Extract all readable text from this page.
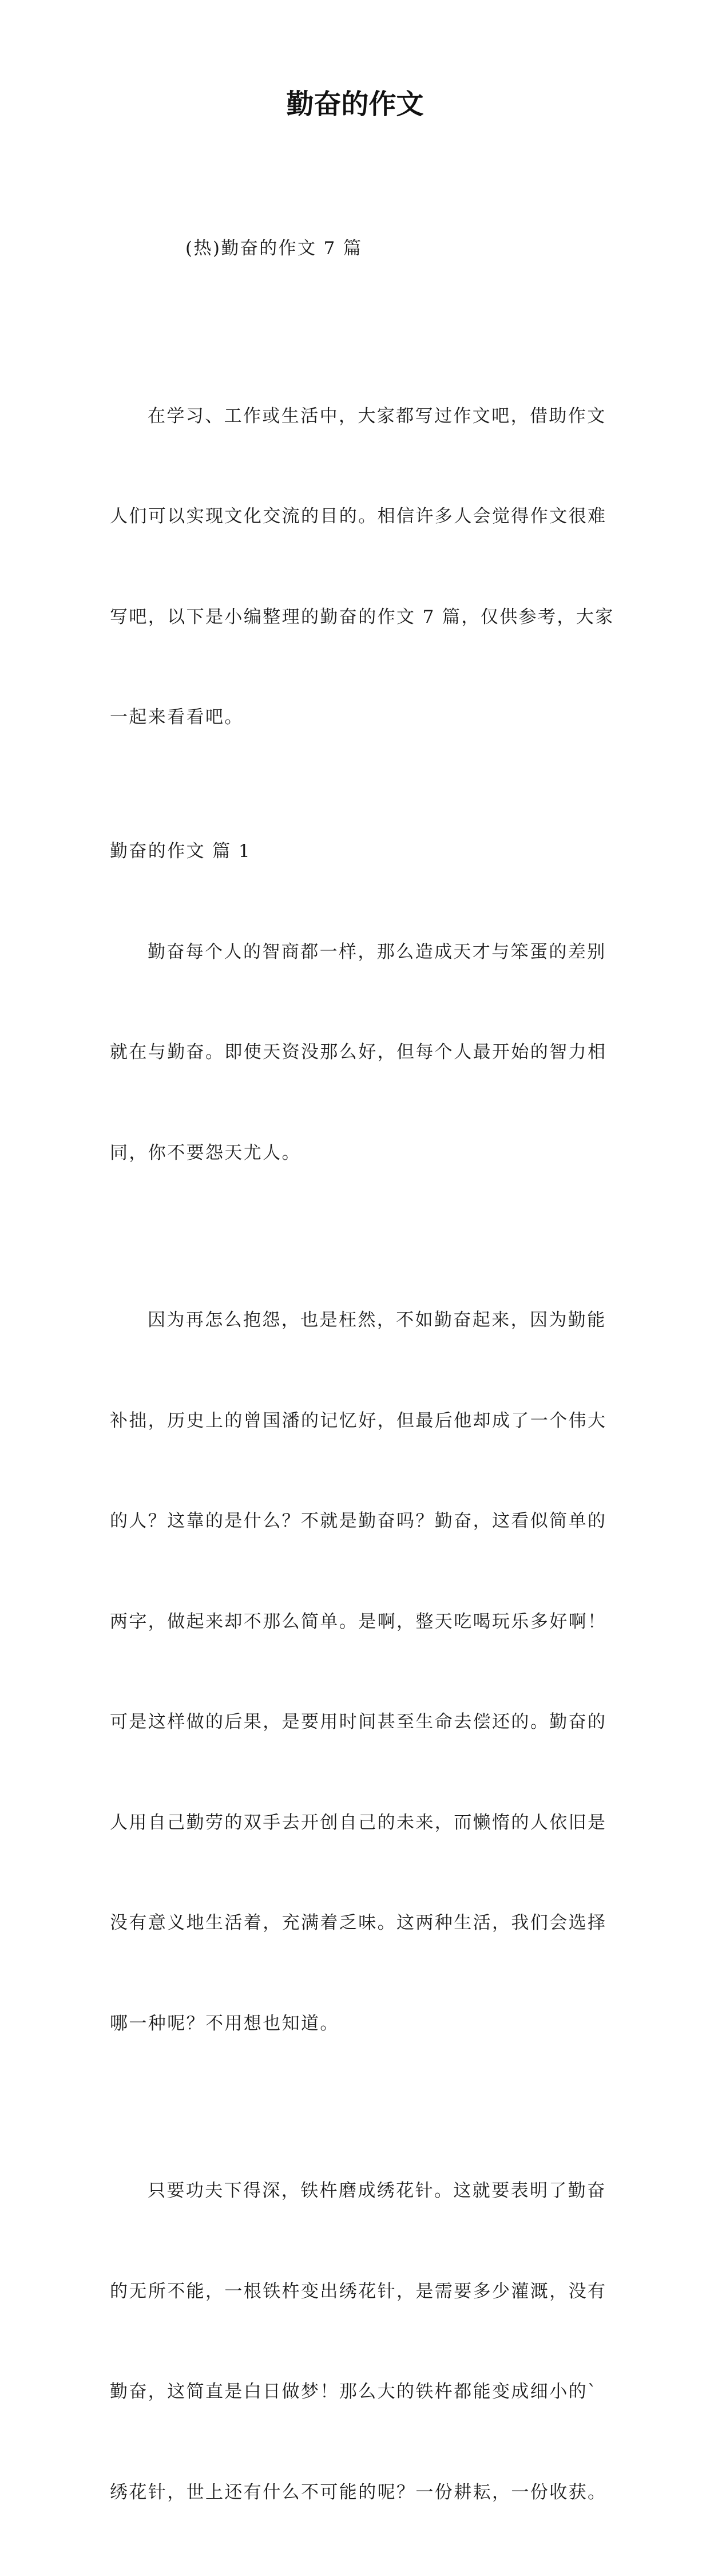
勤奋的作文

(热)勤奋的作文 7 篇

在学习、工作或生活中，大家都写过作文吧，借助作文

人们可以实现文化交流的目的。相信许多人会觉得作文很难

写吧，以下是小编整理的勤奋的作文 7 篇，仅供参考，大家

一起来看看吧。

勤奋的作文 篇 1

勤奋每个人的智商都一样，那么造成天才与笨蛋的差别

就在与勤奋。即使天资没那么好，但每个人最开始的智力相

同，你不要怨天尤人。

因为再怎么抱怨，也是枉然，不如勤奋起来，因为勤能

补拙，历史上的曾国潘的记忆好，但最后他却成了一个伟大

的人？这靠的是什么？不就是勤奋吗？勤奋，这看似简单的

两字，做起来却不那么简单。是啊，整天吃喝玩乐多好啊！

可是这样做的后果，是要用时间甚至生命去偿还的。勤奋的

人用自己勤劳的双手去开创自己的未来，而懒惰的人依旧是

没有意义地生活着，充满着乏味。这两种生活，我们会选择

哪一种呢？不用想也知道。

只要功夫下得深，铁杵磨成绣花针。这就要表明了勤奋

的无所不能，一根铁杵变出绣花针，是需要多少灌溉，没有

勤奋，这简直是白日做梦！那么大的铁杵都能变成细小的`

绣花针，世上还有什么不可能的呢？一份耕耘，一份收获。
